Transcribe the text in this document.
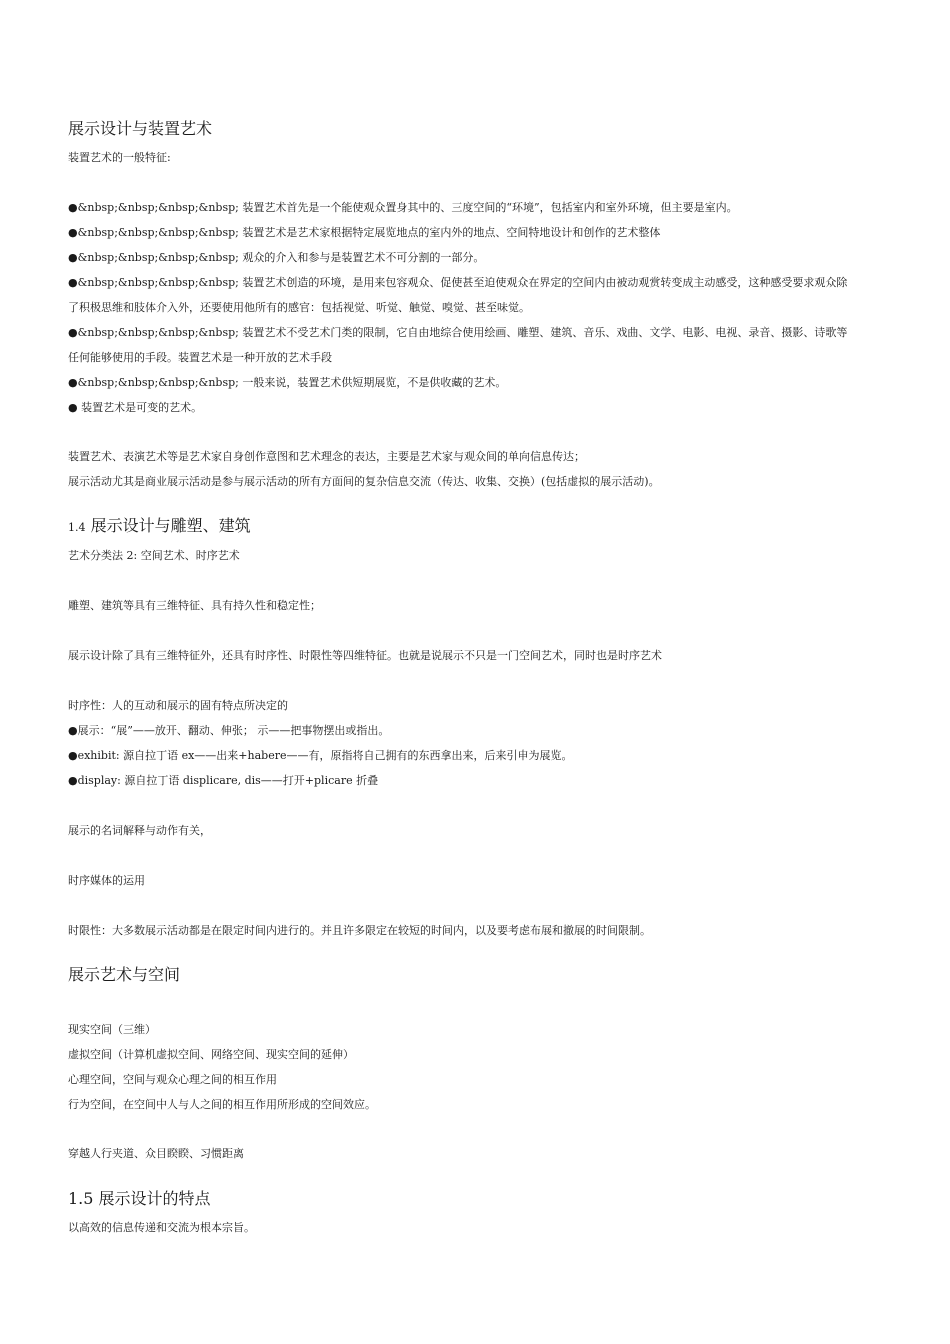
展示设计与装置艺术
装置艺术的一般特征:
●&nbsp;&nbsp;&nbsp;&nbsp; 装置艺术首先是一个能使观众置身其中的、三度空间的“环境”，包括室内和室外环境，但主要是室内。
●&nbsp;&nbsp;&nbsp;&nbsp; 装置艺术是艺术家根据特定展览地点的室内外的地点、空间特地设计和创作的艺术整体
●&nbsp;&nbsp;&nbsp;&nbsp; 观众的介入和参与是装置艺术不可分割的一部分。
●&nbsp;&nbsp;&nbsp;&nbsp; 装置艺术创造的环境，是用来包容观众、促使甚至迫使观众在界定的空间内由被动观赏转变成主动感受，这种感受要求观众除
了积极思维和肢体介入外，还要使用他所有的感官：包括视觉、听觉、触觉、嗅觉、甚至味觉。
●&nbsp;&nbsp;&nbsp;&nbsp; 装置艺术不受艺术门类的限制，它自由地综合使用绘画、雕塑、建筑、音乐、戏曲、文学、电影、电视、录音、摄影、诗歌等
任何能够使用的手段。装置艺术是一种开放的艺术手段
●&nbsp;&nbsp;&nbsp;&nbsp; 一般来说，装置艺术供短期展览，不是供收藏的艺术。
● 装置艺术是可变的艺术。
装置艺术、表演艺术等是艺术家自身创作意图和艺术理念的表达，主要是艺术家与观众间的单向信息传达；
展示活动尤其是商业展示活动是参与展示活动的所有方面间的复杂信息交流（传达、收集、交换）(包括虚拟的展示活动)。
1.4 展示设计与雕塑、建筑
艺术分类法 2: 空间艺术、时序艺术
雕塑、建筑等具有三维特征、具有持久性和稳定性；
展示设计除了具有三维特征外，还具有时序性、时限性等四维特征。也就是说展示不只是一门空间艺术，同时也是时序艺术
时序性：人的互动和展示的固有特点所决定的
●展示：“展”——放开、翻动、伸张； 示——把事物摆出或指出。
●exhibit: 源自拉丁语 ex——出来+habere——有，原指将自己拥有的东西拿出来，后来引申为展览。
●display: 源自拉丁语 displicare, dis——打开+plicare 折叠
展示的名词解释与动作有关，
时序媒体的运用
时限性：大多数展示活动都是在限定时间内进行的。并且许多限定在较短的时间内，以及要考虑布展和撤展的时间限制。
展示艺术与空间
现实空间（三维）
虚拟空间（计算机虚拟空间、网络空间、现实空间的延伸）
心理空间，空间与观众心理之间的相互作用
行为空间，在空间中人与人之间的相互作用所形成的空间效应。
穿越人行夹道、众目睽睽、习惯距离
1.5 展示设计的特点
以高效的信息传递和交流为根本宗旨。
